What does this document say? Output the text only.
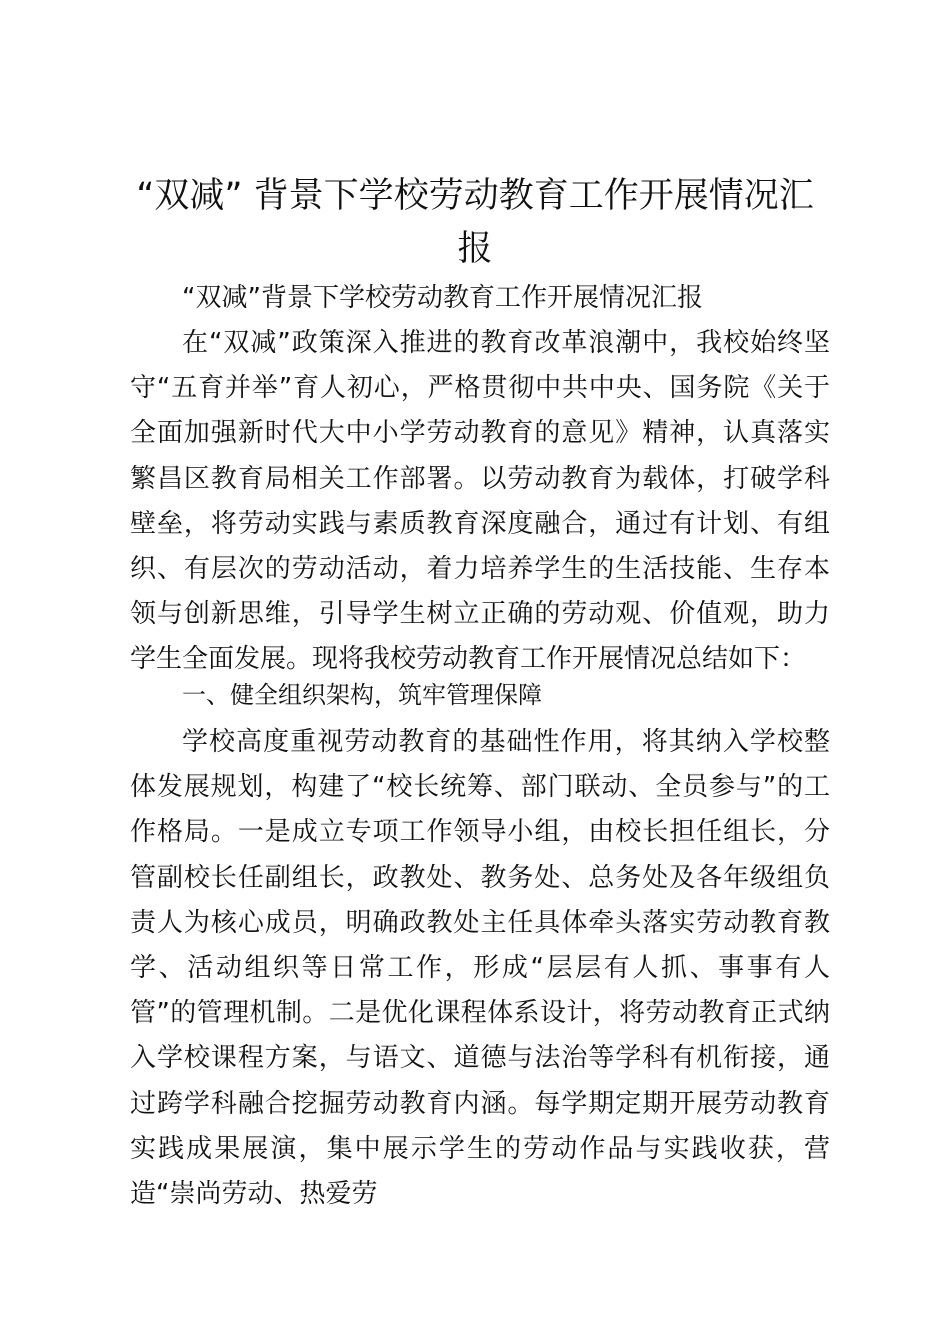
“双减” 背景下学校劳动教育工作开展情况汇报

“双减”背景下学校劳动教育工作开展情况汇报

在“双减”政策深入推进的教育改革浪潮中，我校始终坚守“五育并举”育人初心，严格贯彻中共中央、国务院《关于全面加强新时代大中小学劳动教育的意见》精神，认真落实繁昌区教育局相关工作部署。以劳动教育为载体，打破学科壁垒，将劳动实践与素质教育深度融合，通过有计划、有组织、有层次的劳动活动，着力培养学生的生活技能、生存本领与创新思维，引导学生树立正确的劳动观、价值观，助力学生全面发展。现将我校劳动教育工作开展情况总结如下：

一、健全组织架构，筑牢管理保障

学校高度重视劳动教育的基础性作用，将其纳入学校整体发展规划，构建了“校长统筹、部门联动、全员参与”的工作格局。一是成立专项工作领导小组，由校长担任组长，分管副校长任副组长，政教处、教务处、总务处及各年级组负责人为核心成员，明确政教处主任具体牵头落实劳动教育教学、活动组织等日常工作，形成“层层有人抓、事事有人管”的管理机制。二是优化课程体系设计，将劳动教育正式纳入学校课程方案，与语文、道德与法治等学科有机衔接，通过跨学科融合挖掘劳动教育内涵。每学期定期开展劳动教育实践成果展演，集中展示学生的劳动作品与实践收获，营造“崇尚劳动、热爱劳
